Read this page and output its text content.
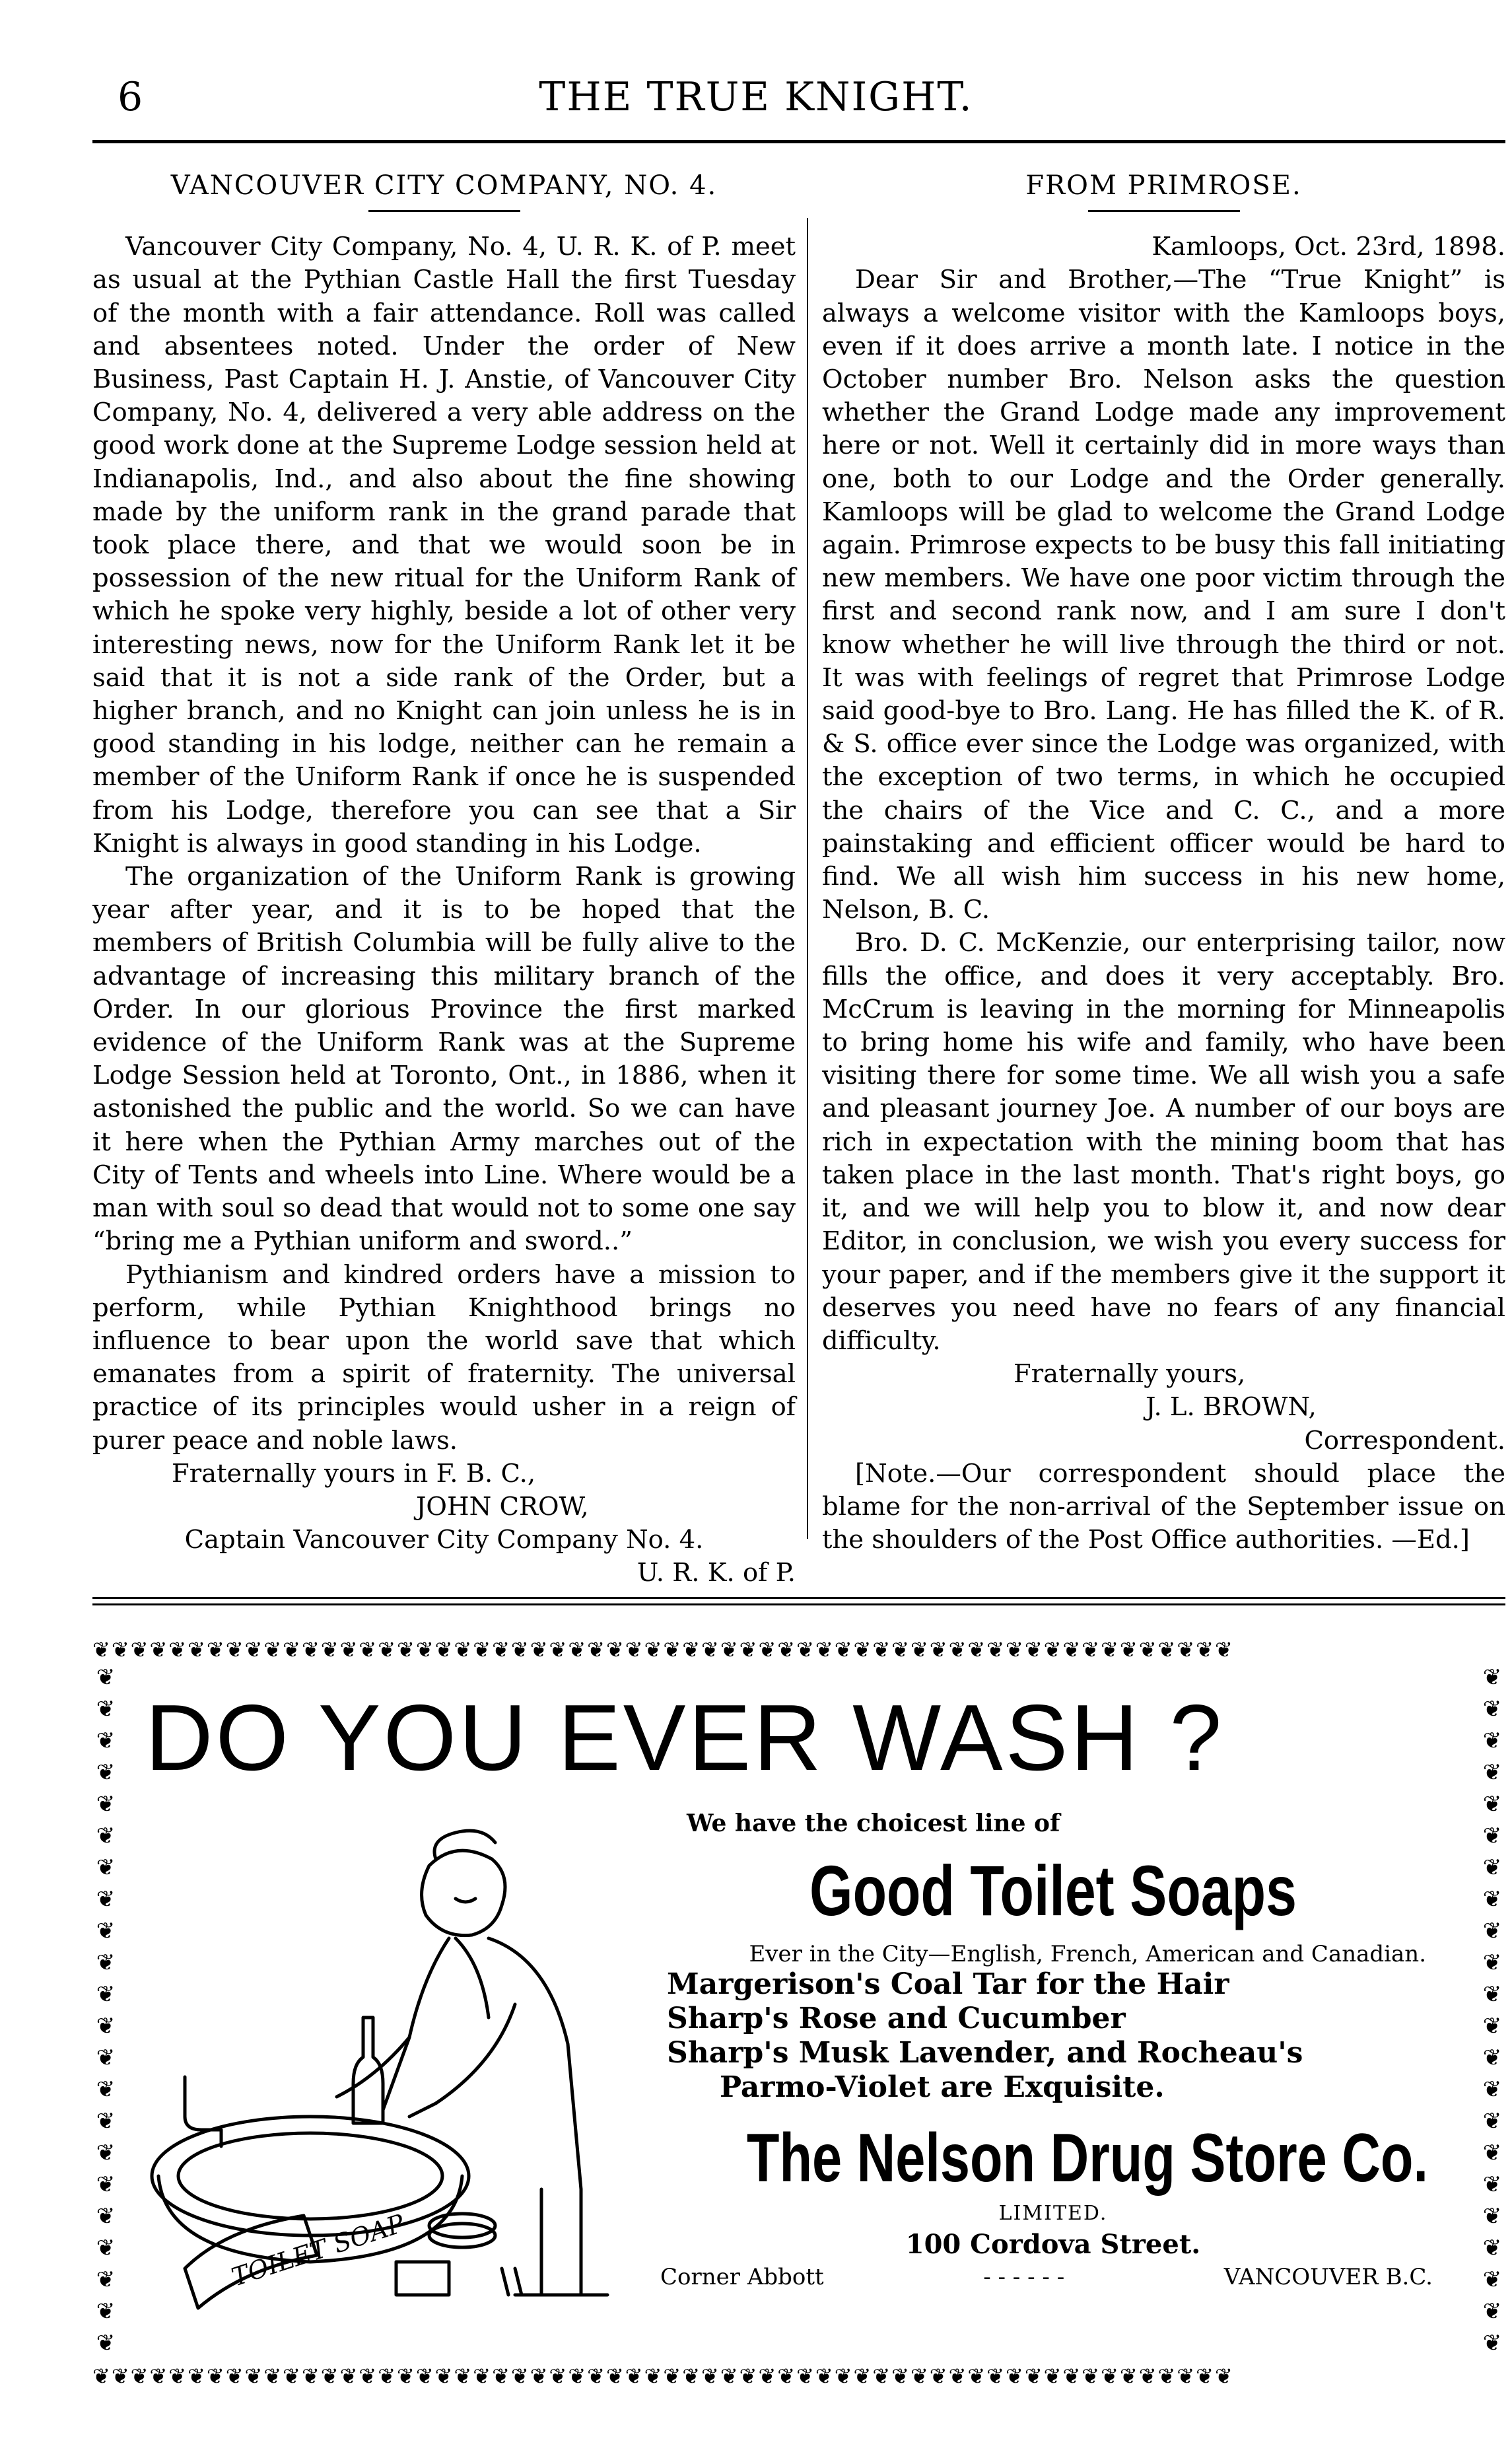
6	THE TRUE KNIGHT.
VANCOUVER CITY COMPANY, NO. 4.

Vancouver City Company, No. 4, U. R. K. of P. meet as usual at the Pythian Castle Hall the first Tuesday of the month with a fair attendance. Roll was called and absentees noted. Under the order of New Business, Past Captain H. J. Anstie, of Vancouver City Company, No. 4, delivered a very able address on the good work done at the Supreme Lodge session held at Indianapolis, Ind., and also about the fine showing made by the uniform rank in the grand parade that took place there, and that we would soon be in possession of the new ritual for the Uniform Rank of which he spoke very highly, beside a lot of other very interesting news, now for the Uniform Rank let it be said that it is not a side rank of the Order, but a higher branch, and no Knight can join unless he is in good standing in his lodge, neither can he remain a member of the Uniform Rank if once he is suspended from his Lodge, therefore you can see that a Sir Knight is always in good standing in his Lodge.

The organization of the Uniform Rank is growing year after year, and it is to be hoped that the members of British Columbia will be fully alive to the advantage of increasing this military branch of the Order. In our glorious Province the first marked evidence of the Uniform Rank was at the Supreme Lodge Session held at Toronto, Ont., in 1886, when it astonished the public and the world. So we can have it here when the Pythian Army marches out of the City of Tents and wheels into Line. Where would be a man with soul so dead that would not to some one say “bring me a Pythian uniform and sword..”

Pythianism and kindred orders have a mission to perform, while Pythian Knighthood brings no influence to bear upon the world save that which emanates from a spirit of fraternity. The universal practice of its principles would usher in a reign of purer peace and noble laws.

Fraternally yours in F. B. C.,

JOHN CROW,

Captain Vancouver City Company No. 4.

U. R. K. of P.

FROM PRIMROSE.

Kamloops, Oct. 23rd, 1898.

Dear Sir and Brother,—The “True Knight” is always a welcome visitor with the Kamloops boys, even if it does arrive a month late. I notice in the October number Bro. Nelson asks the question whether the Grand Lodge made any improvement here or not. Well it certainly did in more ways than one, both to our Lodge and the Order generally. Kamloops will be glad to welcome the Grand Lodge again. Primrose expects to be busy this fall initiating new members. We have one poor victim through the first and second rank now, and I am sure I don't know whether he will live through the third or not. It was with feelings of regret that Primrose Lodge said good-bye to Bro. Lang. He has filled the K. of R. & S. office ever since the Lodge was organized, with the exception of two terms, in which he occupied the chairs of the Vice and C. C., and a more painstaking and efficient officer would be hard to find. We all wish him success in his new home, Nelson, B. C.

Bro. D. C. McKenzie, our enterprising tailor, now fills the office, and does it very acceptably. Bro. McCrum is leaving in the morning for Minneapolis to bring home his wife and family, who have been visiting there for some time. We all wish you a safe and pleasant journey Joe. A number of our boys are rich in expectation with the mining boom that has taken place in the last month. That's right boys, go it, and we will help you to blow it, and now dear Editor, in conclusion, we wish you every success for your paper, and if the members give it the support it deserves you need have no fears of any financial difficulty.

Fraternally yours,

J. L. BROWN,

Correspondent.

[Note.—Our correspondent should place the blame for the non-arrival of the September issue on the shoulders of the Post Office authorities. —Ed.]

❦❦❦❦❦❦❦❦❦❦❦❦❦❦❦❦❦❦❦❦❦❦❦❦❦❦❦❦❦❦❦❦❦❦❦❦❦❦❦❦❦❦❦❦❦❦❦❦❦❦❦❦❦❦❦❦❦❦❦❦
❦❦❦❦❦❦❦❦❦❦❦❦❦❦❦❦❦❦❦❦❦❦❦❦❦❦❦❦❦❦❦❦❦❦❦❦❦❦❦❦❦❦❦❦❦❦❦❦❦❦❦❦❦❦❦❦❦❦❦❦
❦
❦
❦
❦
❦
❦
❦
❦
❦
❦
❦
❦
❦
❦
❦
❦
❦
❦
❦
❦
❦
❦
❦
❦
❦
❦
❦
❦
❦
❦
❦
❦
❦
❦
❦
❦
❦
❦
❦
❦
❦
❦
❦
❦
DO YOU EVER WASH ?
TOILET SOAP
We have the choicest line of
Good Toilet Soaps
Ever in the City—English, French, American and Canadian.
Margerison's Coal Tar for the Hair
Sharp's Rose and Cucumber
Sharp's Musk Lavender, and Rocheau's
Parmo-Violet are Exquisite.
The Nelson Drug Store Co.
LIMITED.
100 Cordova Street.
Corner Abbott	- - - - - -	VANCOUVER B.C.
